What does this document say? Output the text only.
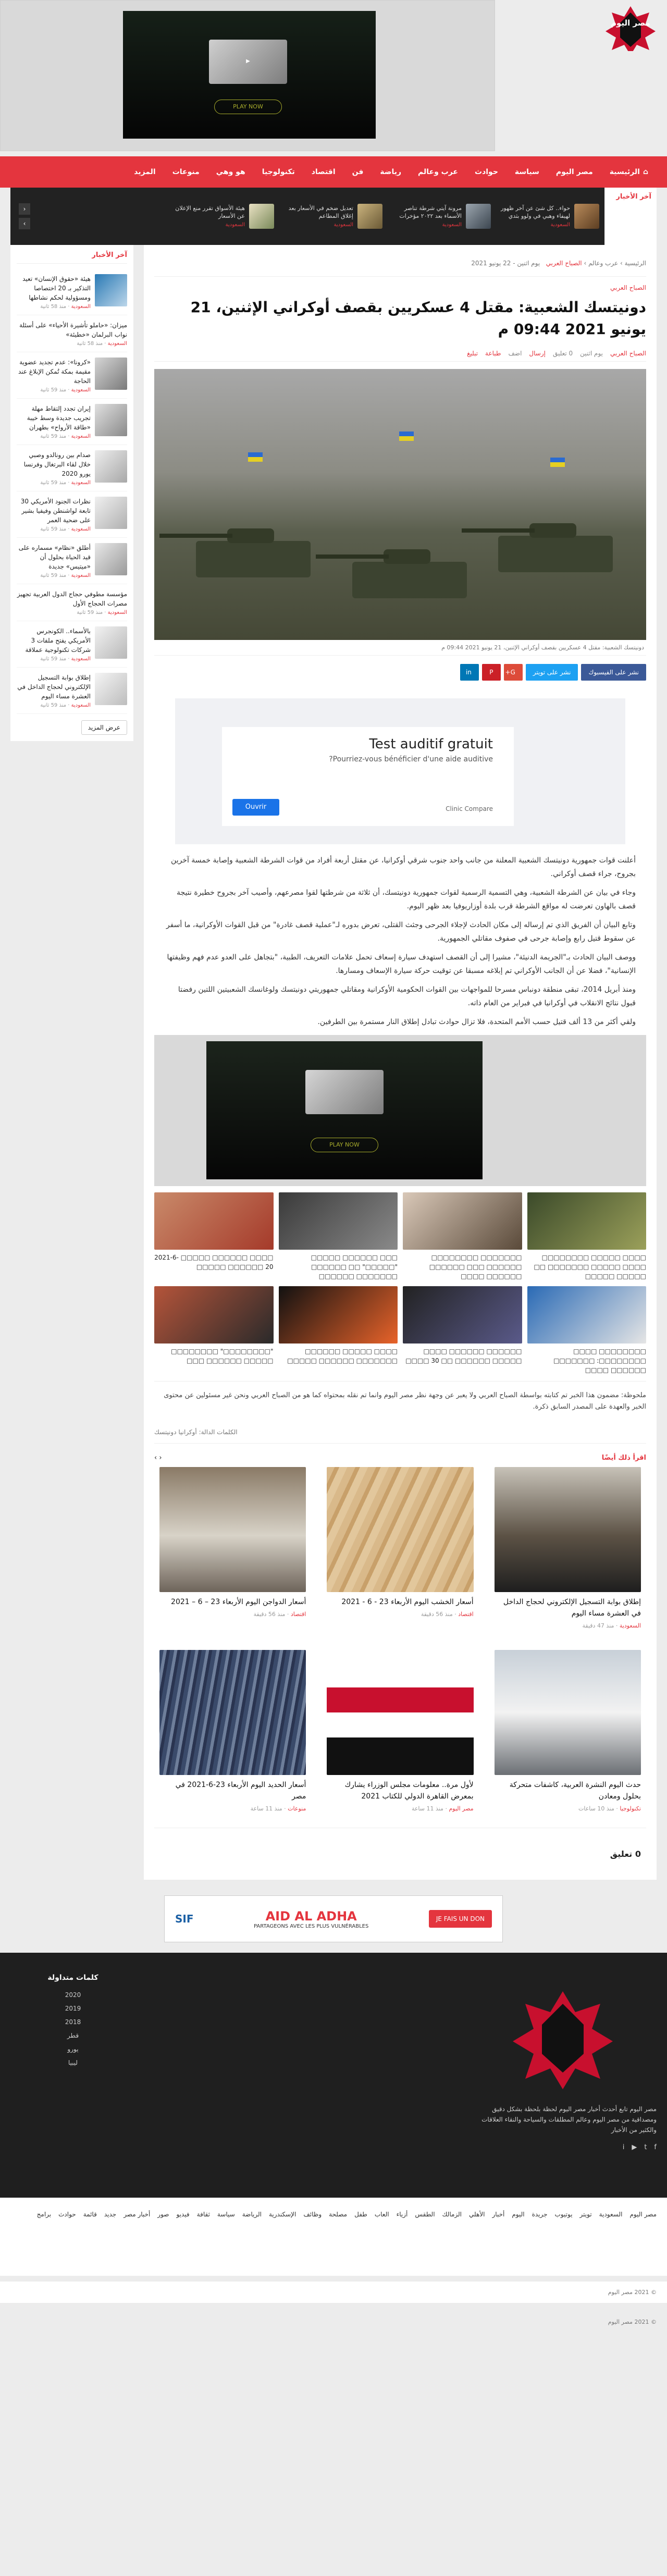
▶
PLAY NOW
مصر اليوم
⌂ الرئيسية
مصر اليوم
سياسة
حوادث
عرب وعالم
رياضة
فن
اقتصاد
تكنولوجيا
هو وهي
منوعات
المزيد
آخر الأخبار
حواء.. كل شئ عن آخر ظهور لهيفاء وهبي في ولوو بثدي
السعودية
مرونة آيتي شرطة تناصر الأسماء بعد ٢٠٢٢ مؤخرات
السعودية
تعديل ضخم في الأسعار بعد إغلاق المطاعم
السعودية
هيئة الأسواق تقرر منع الإعلان عن الأسعار
السعودية
‹
›
الرئيسية › عرب وعالم › الصباح العربي   يوم اثنين - 22 يونيو 2021
الصباح العربي
دونيتسك الشعبية: مقتل 4 عسكريين بقصف أوكراني الإثنين، 21 يونيو 2021 09:44 م
الصباح العربي
يوم اثنين
0 تعليق
إرسال
اضف
طباعة
تبليغ
دونيتسك الشعبية: مقتل 4 عسكريين بقصف أوكراني الإثنين، 21 يونيو 2021 09:44 م
نشر على الفيسبوك
نشر على تويتر
G+
P
in
Test auditif gratuit

Pourriez-vous bénéficier d'une aide auditive?

Clinic Compare
Ouvrir

أعلنت قوات جمهورية دونيتسك الشعبية المعلنة من جانب واحد جنوب شرقي أوكرانيا، عن مقتل أربعة أفراد من قوات الشرطة الشعبية وإصابة خمسة آخرين بجروح، جراء قصف أوكراني.

وجاء في بيان عن الشرطة الشعبية، وهي التسمية الرسمية لقوات جمهورية دونيتسك، أن ثلاثة من شرطتها لقوا مصرعهم، وأصيب آخر بجروح خطيرة نتيجة قصف بالهاون تعرضت له مواقع الشرطة قرب بلدة أوزاريوفيا بعد ظهر اليوم.

وتابع البيان أن الفريق الذي تم إرساله إلى مكان الحادث لإجلاء الجرحى وجثث القتلى، تعرض بدوره لـ"عملية قصف غادرة" من قبل القوات الأوكرانية، ما أسفر عن سقوط قتيل رابع وإصابة جرحى في صفوف مقاتلي الجمهورية.

ووصف البيان الحادث بـ"الجريمة الدنيئة"، مشيرا إلى أن القصف استهدف سيارة إسعاف تحمل علامات التعريف، الطبية، "بتجاهل على العدو عدم فهم وظيفتها الإنسانية"، فضلا عن أن الجانب الأوكراني تم إبلاغه مسبقا عن توقيت حركة سيارة الإسعاف ومسارها.

ومنذ أبريل 2014، تبقى منطقة دونباس مسرحا للمواجهات بين القوات الحكومية الأوكرانية ومقاتلي جمهوريتي دونيتسك ولوغانسك الشعبيتين اللتين رفضتا قبول نتائج الانقلاب في أوكرانيا في فبراير من العام ذاته.

ولقي أكثر من 13 ألف قتيل حسب الأمم المتحدة، فلا تزال حوادث تبادل إطلاق النار مستمرة بين الطرفين.

PLAY NOW
□□□□ □□□□□ □□□□□□□□ □□□□ □□□□□ □□□□□□□ □□ □□□□□ □□□□□
□□□□□□□ □□□□□□□□ □□□□□□ □□□ □□□□□□ □□□□□□ □□□□
□□□ □□□□□□ □□□□□ "□□□□□" □□ □□□□□□ □□□□□□□ □□□□□□
□□□□ □□□□□□ □□□□□ 2021-6-20 □□□□□□ □□□□□
□□□□□□□□ □□□□ □□□□□□□□: □□□□□□□ □□□□□□ □□□□
□□□□□□ □□□□□□ □□□□ □□□□□ □□□□□□ □□ 30 □□□□
□□□□ □□□□□ □□□□□□ □□□□□□□ □□□□□□ □□□□□
"□□□□□□□□" □□□□□□□□ □□□□□ □□□□□□ □□□
ملحوظة: مضمون هذا الخبر تم كتابته بواسطة الصباح العربي ولا يعبر عن وجهة نظر مصر اليوم وانما تم نقله بمحتواه كما هو من الصباح العربي ونحن غير مسئولين عن محتوى الخبر والعهدة على المصدر السابق ذكرة.
الكلمات الدالة: أوكرانيا دونيتسك
اقرأ ذلك أيضًا
‹ ›
إطلاق بوابة التسجيل الإلكتروني لحجاج الداخل في العشرة مساء اليوم
السعودية · منذ 47 دقيقة
أسعار الخشب اليوم الأربعاء 23 - 6 - 2021
اقتصاد · منذ 56 دقيقة
أسعار الدواجن اليوم الأربعاء 23 – 6 – 2021
اقتصاد · منذ 56 دقيقة
حدث اليوم النشرة العربية، كاشفات متحركة بحلول ومعادن
تكنولوجيا · منذ 10 ساعات
لأول مرة.. معلومات مجلس الوزراء يشارك بمعرض القاهرة الدولي للكتاب 2021
مصر اليوم · منذ 11 ساعة
أسعار الحديد اليوم الأربعاء 23-6-2021 في مصر
منوعات · منذ 11 ساعة
0 تعليق
آخر الأخبار
هيئة «حقوق الإنسان» تعيد التذكير بـ 20 اختصاصا ومسؤولية لحكم نشاطها
السعودية · منذ 58 ثانية
ميزان: «حاملو تأشيرة الأحياء» على أسئلة نواب البرلمان «خطيئة»
السعودية · منذ 58 ثانية
«كرونا»: عدم تجديد عضوية مقيمة بمكة تُمكن الإبلاغ عند الحاجة
السعودية · منذ 59 ثانية
إيران تجدد إلتقاط مهلة تجريب جديدة وسط خيبة «طاقة الأرواح» بطهران
السعودية · منذ 59 ثانية
صدام بين رونالدو وصبي خلال لقاء البرتغال وفرنسا يورو 2020
السعودية · منذ 59 ثانية
نظرات الجنود الأمريكي 30 تابعة لواشنطن وفيفيا بشير على ضحية العمر
السعودية · منذ 59 ثانية
أطلق «نظام» مسماره على قيد الحياة بحلول أن «ميتيس» جديدة
السعودية · منذ 59 ثانية
مؤسسة مطوفي حجاج الدول العربية تجهيز مصرات الحجاج الأول
السعودية · منذ 59 ثانية
بالأسماء.. الكونجرس الأمريكي يفتح ملفات 3 شركات تكنولوجية عملاقة
السعودية · منذ 59 ثانية
إطلاق بوابة التسجيل الإلكتروني لحجاج الداخل في العشرة مساء اليوم
السعودية · منذ 59 ثانية
عرض المزيد
JE FAIS UN DON
AID AL ADHA
PARTAGEONS AVEC LES PLUS VULNÉRABLES
SIF
مصر اليوم تابع أحدث أخبار مصر اليوم لحظة بلحظة بشكل دقيق ومصداقية من مصر اليوم وعالم المطلقات والسياحة والنقاء العلاقات والكثير من الأخبار
f
t
▶
i
كلمات متداولة
2020
2019
2018
قطر
يورو
ليبيا
مصر اليوم
السعودية
تويتر
يوتيوب
جريدة
اليوم
أخبار
الأهلي
الزمالك
الطقس
أزياء
العاب
طفل
مصلحة
وظائف
الإسكندرية
الرياضة
سياسة
ثقافة
فيديو
صور
أخبار مصر
جديد
قائمة
حوادث
برامج
© 2021 مصر اليوم
© 2021 مصر اليوم
